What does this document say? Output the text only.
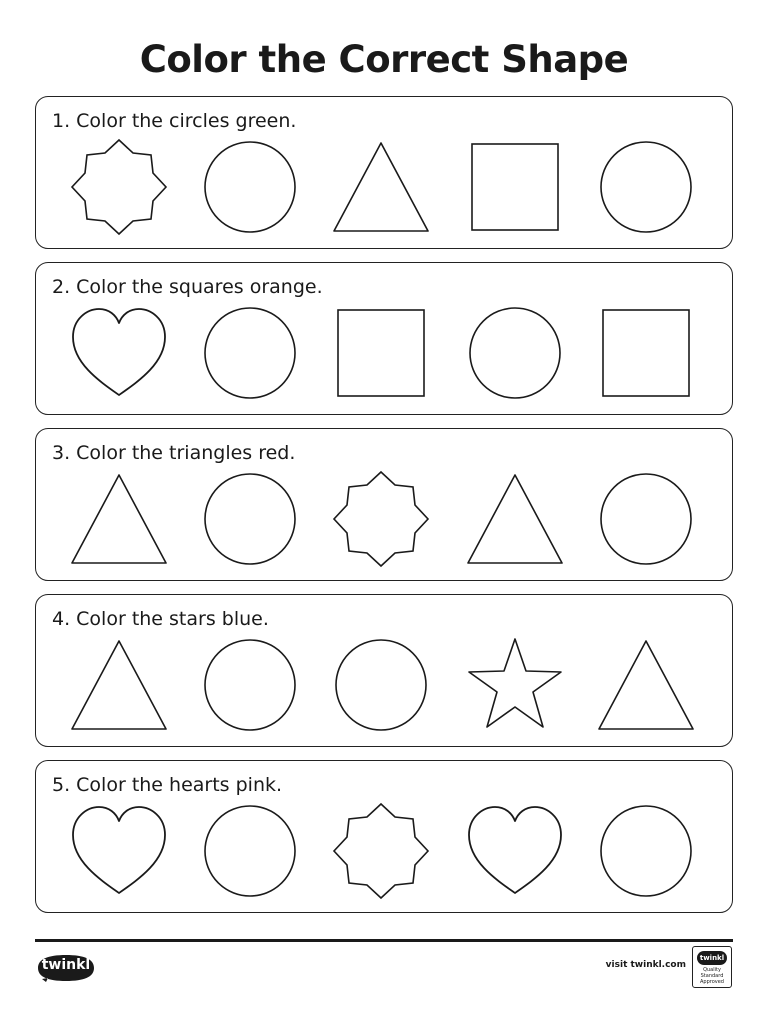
Color the Correct Shape
1. Color the circles green.
2. Color the squares orange.
3. Color the triangles red.
4. Color the stars blue.
5. Color the hearts pink.
twinkl	visit twinkl.com
twinkl
Quality Standard Approved
